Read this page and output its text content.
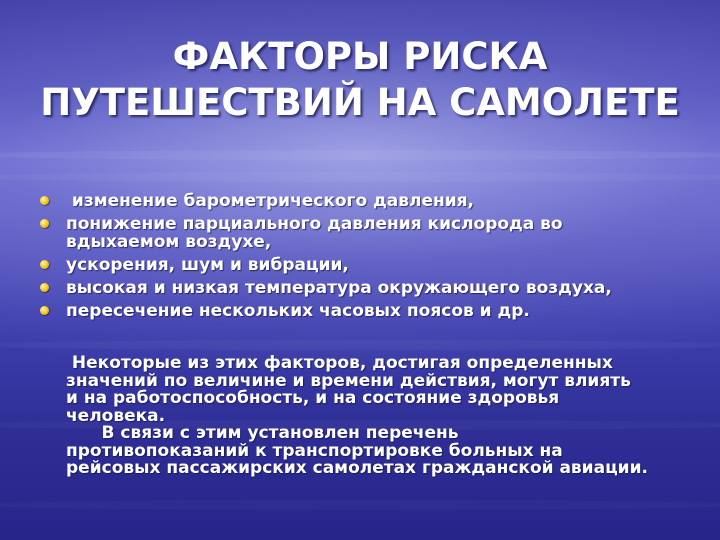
ФАКТОРЫ РИСКА
ПУТЕШЕСТВИЙ НА САМОЛЕТЕ
изменение барометрического давления,
понижение парциального давления кислорода во вдыхаемом воздухе,
ускорения, шум и вибрации,
высокая и низкая температура окружающего воздуха,
пересечение нескольких часовых поясов и др.

Некоторые из этих факторов, достигая определенных
значений по величине и времени действия, могут влиять
и на работоспособность, и на состояние здоровья
человека.
В связи с этим установлен перечень
противопоказаний к транспортировке больных на
рейсовых пассажирских самолетах гражданской авиации.
